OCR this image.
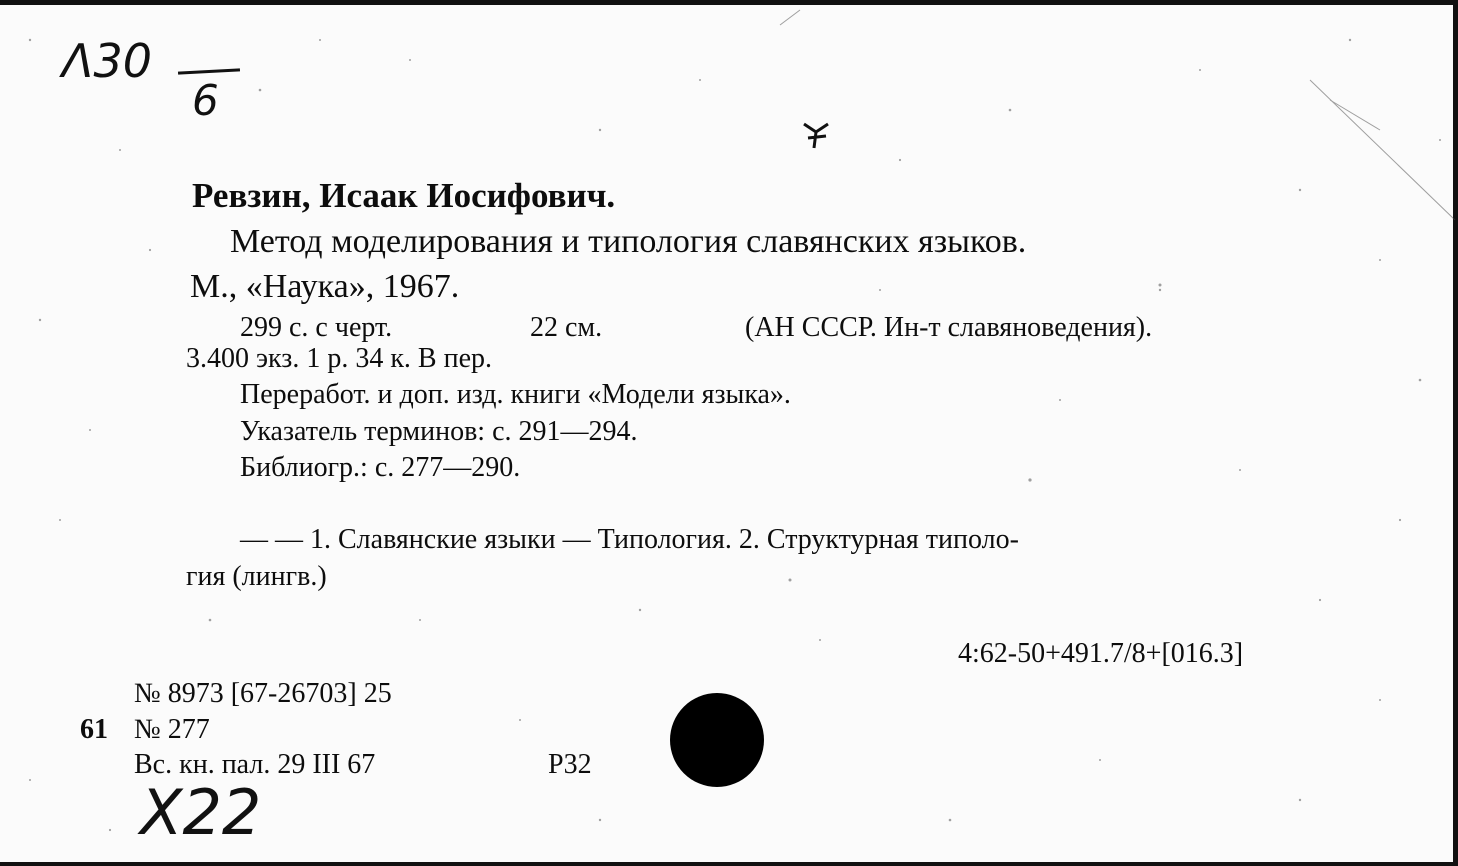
Λ30
6
Ревзин, Исаак Иосифович.
Метод моделирования и типология славянских языков.
М., «Наука», 1967.
299 с. с черт.	22 см.	(АН СССР. Ин-т славяноведения).
3.400 экз. 1 р. 34 к. В пер.
Переработ. и доп. изд. книги «Модели языка».
Указатель терминов: с. 291—294.
Библиогр.: с. 277—290.
— — 1. Славянские языки — Типология. 2. Структурная типоло-
гия (лингв.)
4:62-50+491.7/8+[016.3]
№ 8973 [67-26703] 25
61 № 277
Вс. кн. пал. 29 III 67	Р32
X22
